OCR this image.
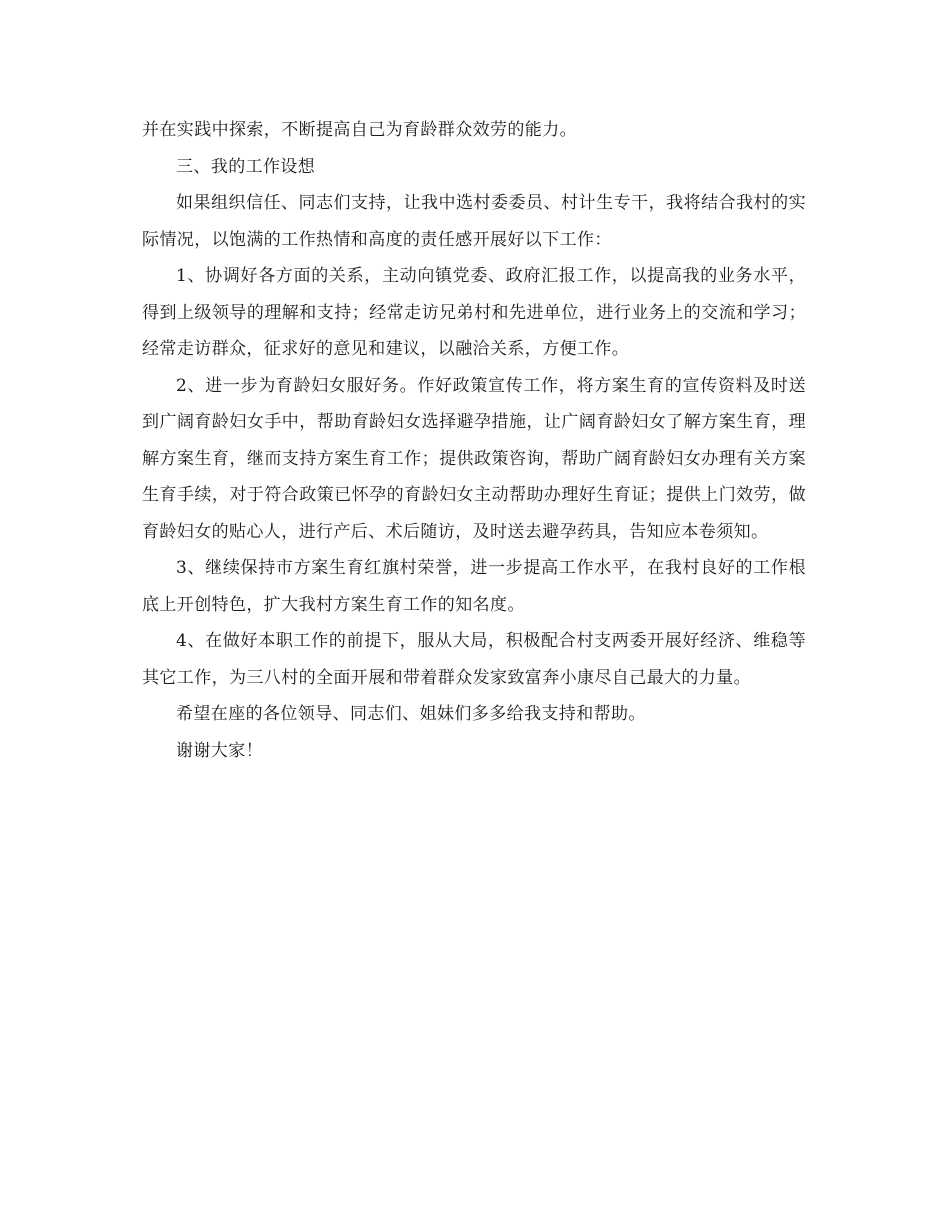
并在实践中探索，不断提高自己为育龄群众效劳的能力。

三、我的工作设想

如果组织信任、同志们支持，让我中选村委委员、村计生专干，我将结合我村的实际情况，以饱满的工作热情和高度的责任感开展好以下工作：

1、协调好各方面的关系，主动向镇党委、政府汇报工作，以提高我的业务水平，得到上级领导的理解和支持；经常走访兄弟村和先进单位，进行业务上的交流和学习；经常走访群众，征求好的意见和建议，以融洽关系，方便工作。

2、进一步为育龄妇女服好务。作好政策宣传工作，将方案生育的宣传资料及时送到广阔育龄妇女手中，帮助育龄妇女选择避孕措施，让广阔育龄妇女了解方案生育，理解方案生育，继而支持方案生育工作；提供政策咨询，帮助广阔育龄妇女办理有关方案生育手续，对于符合政策已怀孕的育龄妇女主动帮助办理好生育证；提供上门效劳，做育龄妇女的贴心人，进行产后、术后随访，及时送去避孕药具，告知应本卷须知。

3、继续保持市方案生育红旗村荣誉，进一步提高工作水平，在我村良好的工作根底上开创特色，扩大我村方案生育工作的知名度。

4、在做好本职工作的前提下，服从大局，积极配合村支两委开展好经济、维稳等其它工作，为三八村的全面开展和带着群众发家致富奔小康尽自己最大的力量。

希望在座的各位领导、同志们、姐妹们多多给我支持和帮助。

谢谢大家！
